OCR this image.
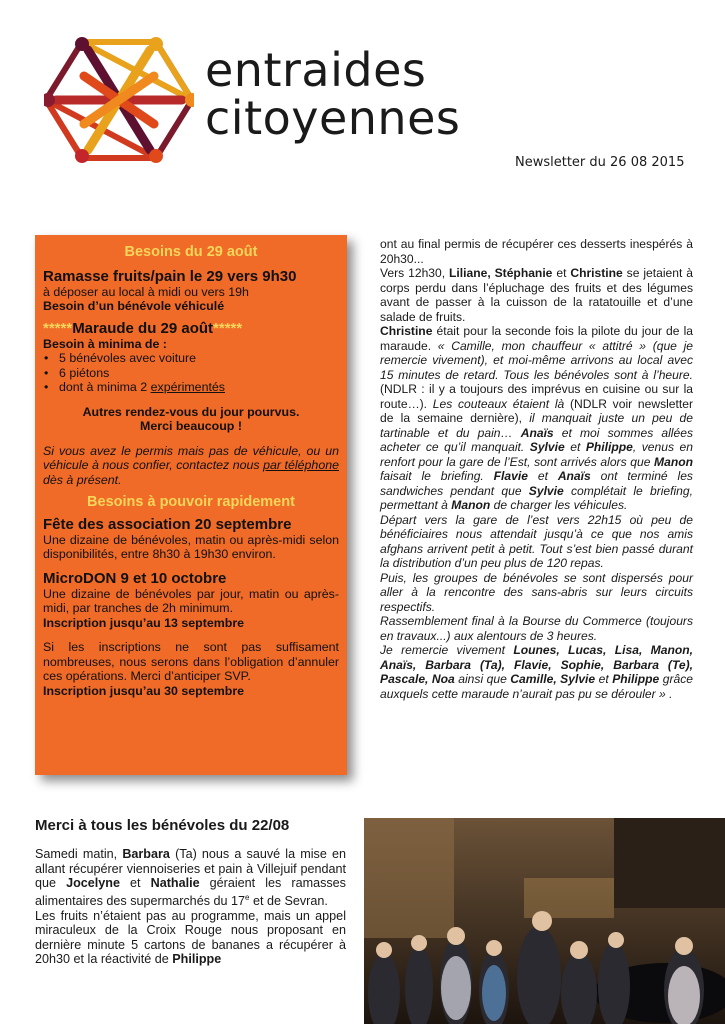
entraides
citoyennes
Newsletter du 26 08 2015
Besoins du 29 août
Ramasse fruits/pain le 29 vers 9h30
à déposer au local à midi ou vers 19h
Besoin d’un bénévole véhiculé
*****Maraude du 29 août*****
Besoin à minima de :
• 5 bénévoles avec voiture
• 6 piétons
• dont à minima 2 expérimentés
Autres rendez-vous du jour pourvus.
Merci beaucoup !
Si vous avez le permis mais pas de véhicule, ou un véhicule à nous confier, contactez nous par téléphone dès à présent.
Besoins à pouvoir rapidement
Fête des association 20 septembre
Une dizaine de bénévoles, matin ou après-midi selon disponibilités, entre 8h30 à 19h30 environ.
MicroDON 9 et 10 octobre
Une dizaine de bénévoles par jour, matin ou après-midi, par tranches de 2h minimum.
Inscription jusqu’au 13 septembre
Si les inscriptions ne sont pas suffisament nombreuses, nous serons dans l’obligation d’annuler ces opérations. Merci d’anticiper SVP.
Inscription jusqu’au 30 septembre

ont au final permis de récupérer ces desserts inespérés à 20h30...

Vers 12h30, Liliane, Stéphanie et Christine se jetaient à corps perdu dans l’épluchage des fruits et des légumes avant de passer à la cuisson de la ratatouille et d’une salade de fruits.

Christine était pour la seconde fois la pilote du jour de la maraude. « Camille, mon chauffeur « attitré » (que je remercie vivement), et moi-même arrivons au local avec 15 minutes de retard. Tous les bénévoles sont à l’heure. (NDLR : il y a toujours des imprévus en cuisine ou sur la route…). Les couteaux étaient là (NDLR voir newsletter de la semaine dernière), il manquait juste un peu de tartinable et du pain… Anaïs et moi sommes allées acheter ce qu’il manquait. Sylvie et Philippe, venus en renfort pour la gare de l’Est, sont arrivés alors que Manon faisait le briefing. Flavie et Anaïs ont terminé les sandwiches pendant que Sylvie complétait le briefing, permettant à Manon de charger les véhicules.

Départ vers la gare de l’est vers 22h15 où peu de bénéficiaires nous attendait jusqu’à ce que nos amis afghans arrivent petit à petit. Tout s’est bien passé durant la distribution d’un peu plus de 120 repas.

Puis, les groupes de bénévoles se sont dispersés pour aller à la rencontre des sans-abris sur leurs circuits respectifs.

Rassemblement final à la Bourse du Commerce (toujours en travaux...) aux alentours de 3 heures.

Je remercie vivement Lounes, Lucas, Lisa, Manon, Anaïs, Barbara (Ta), Flavie, Sophie, Barbara (Te), Pascale, Noa ainsi que Camille, Sylvie et Philippe grâce auxquels cette maraude n’aurait pas pu se dérouler » .

Merci à tous les bénévoles du 22/08

Samedi matin, Barbara (Ta) nous a sauvé la mise en allant récupérer viennoiseries et pain à Villejuif pendant que Jocelyne et Nathalie géraient les ramasses alimentaires des supermarchés du 17e et de Sevran.

Les fruits n’étaient pas au programme, mais un appel miraculeux de la Croix Rouge nous proposant en dernière minute 5 cartons de bananes a récupérer à 20h30 et la réactivité de Philippe
